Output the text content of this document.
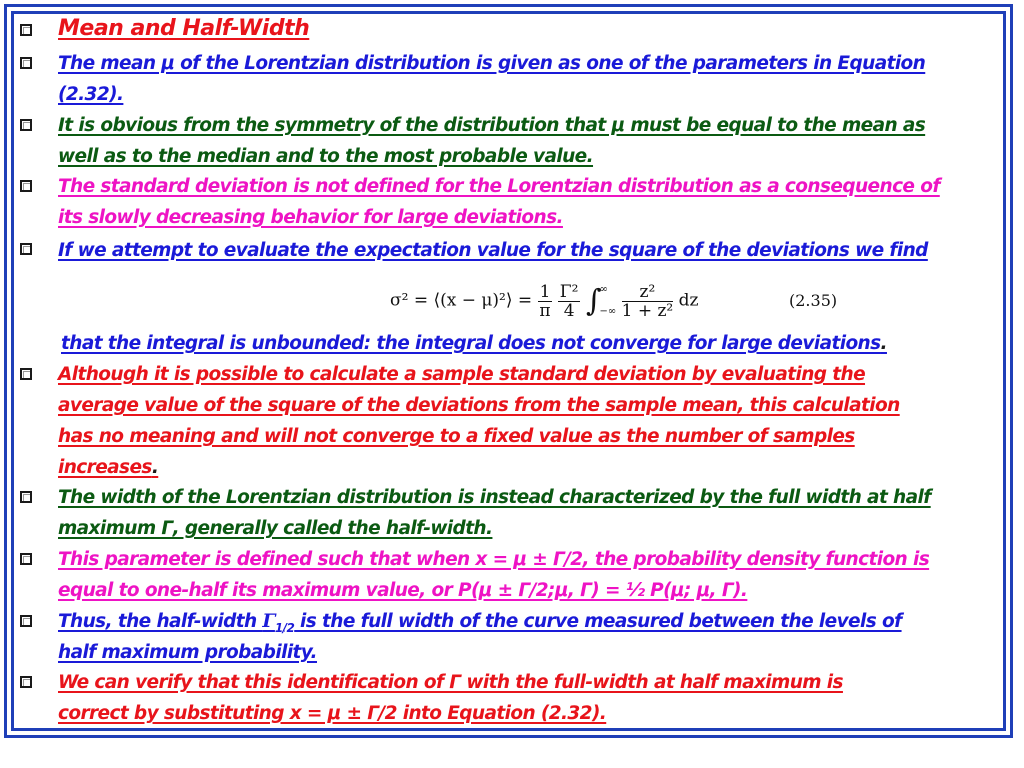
Mean and Half-Width
The mean μ of the Lorentzian distribution is given as one of the parameters in Equation
(2.32).
It is obvious from the symmetry of the distribution that μ must be equal to the mean as
well as to the median and to the most probable value.
The standard deviation is not defined for the Lorentzian distribution as a consequence of
its slowly decreasing behavior for large deviations.
If we attempt to evaluate the expectation value for the square of the deviations we find
σ² = ⟨(x − μ)²⟩ = $\frac{1}{\pi}$
$\frac{\text{Γ²}}{4}$ ∫
∞
−∞
$\frac{\text{z²}}{\text{1 + z²}}$ dz	(2.35)
that the integral is unbounded: the integral does not converge for large deviations.
Although it is possible to calculate a sample standard deviation by evaluating the
average value of the square of the deviations from the sample mean, this calculation
has no meaning and will not converge to a fixed value as the number of samples
increases.
The width of the Lorentzian distribution is instead characterized by the full width at half
maximum Γ, generally called the half-width.
This parameter is defined such that when x = μ ± Γ/2, the probability density function is
equal to one-half its maximum value, or P(μ ± Γ/2;μ, Γ) = ½ P(μ; μ, Γ).
Thus, the half-width $\Gamma_{1/2}$ is the full width of the curve measured between the levels of
half maximum probability.
We can verify that this identification of Γ with the full-width at half maximum is
correct by substituting x = μ ± Γ/2 into Equation (2.32).
